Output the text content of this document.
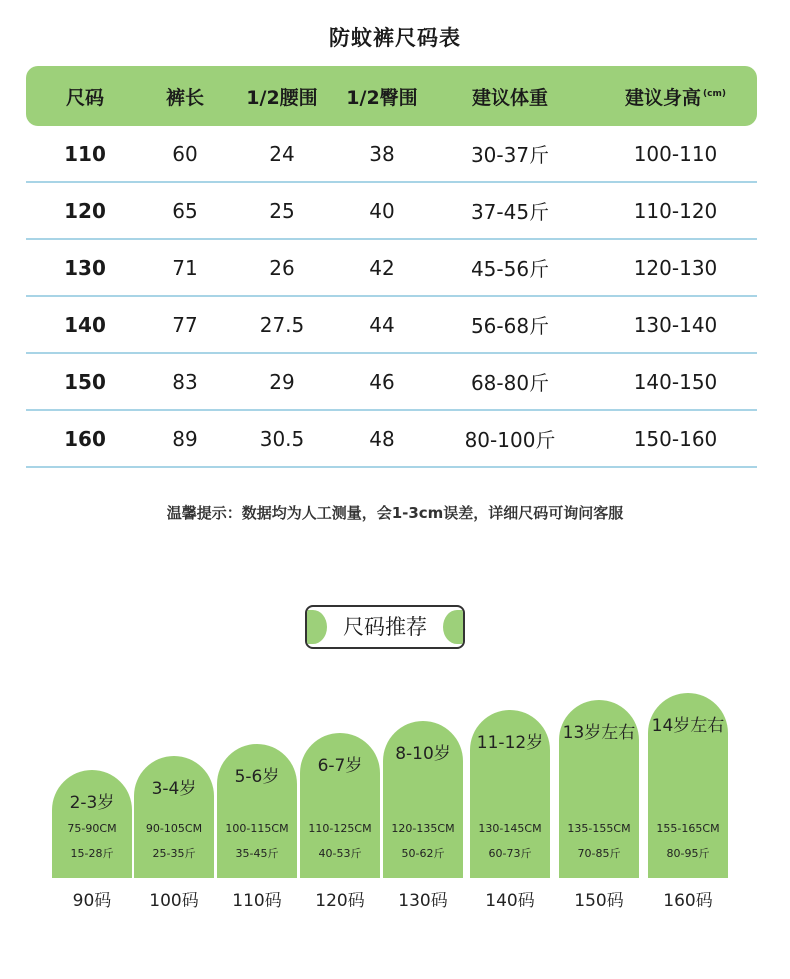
防蚊裤尺码表
尺码	裤长	1/2腰围	1/2臀围	建议体重	建议身高 $^{(cm)}$
110	60	24	38	30-37斤	100-110
120	65	25	40	37-45斤	110-120
130	71	26	42	45-56斤	120-130
140	77	27.5	44	56-68斤	130-140
150	83	29	46	68-80斤	140-150
160	89	30.5	48	80-100斤	150-160
温馨提示：数据均为人工测量，会1-3cm误差，详细尺码可询问客服
尺码推荐
2-3岁
75-90CM
15-28斤
90码
3-4岁
90-105CM
25-35斤
100码
5-6岁
100-115CM
35-45斤
110码
6-7岁
110-125CM
40-53斤
120码
8-10岁
120-135CM
50-62斤
130码
11-12岁
130-145CM
60-73斤
140码
13岁左右
135-155CM
70-85斤
150码
14岁左右
155-165CM
80-95斤
160码
